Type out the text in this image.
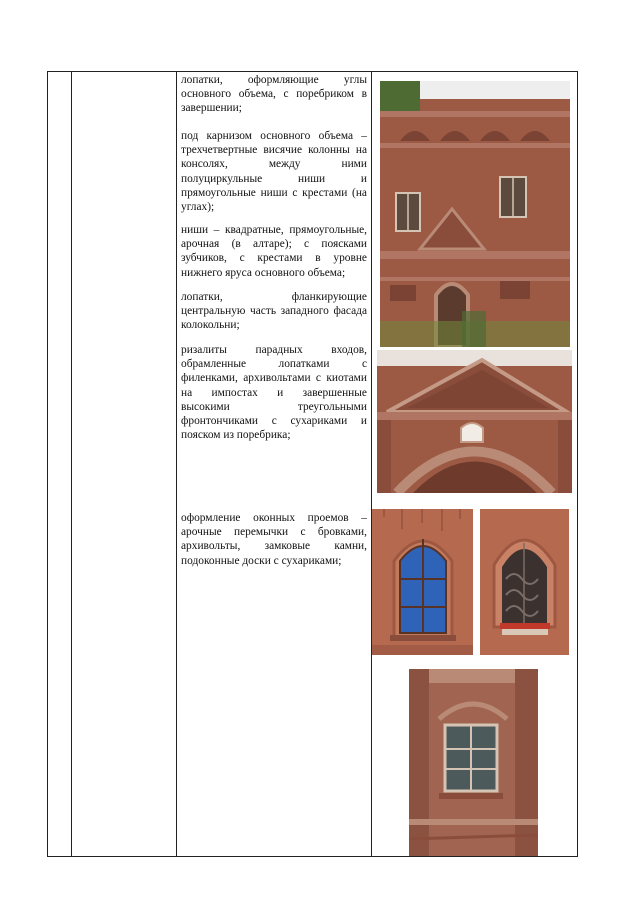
лопатки, оформляющие углы основного объема, с поребриком в завершении;
под карнизом основного объема – трехчетвертные висячие колонны на консолях, между ними полуциркульные ниши и прямоугольные ниши с крестами (на углах);
ниши – квадратные, прямоугольные, арочная (в алтаре); с поясками зубчиков, с крестами в уровне нижнего яруса основного объема;
лопатки, фланкирующие центральную часть западного фасада колокольни;
ризалиты парадных входов, обрамленные лопатками с филенками, архивольтами с киотами на импостах и завершенные высокими треугольными фронтончиками с сухариками и пояском из поребрика;
оформление оконных проемов – арочные перемычки с бровками, архивольты, замковые камни, подоконные доски с сухариками;
